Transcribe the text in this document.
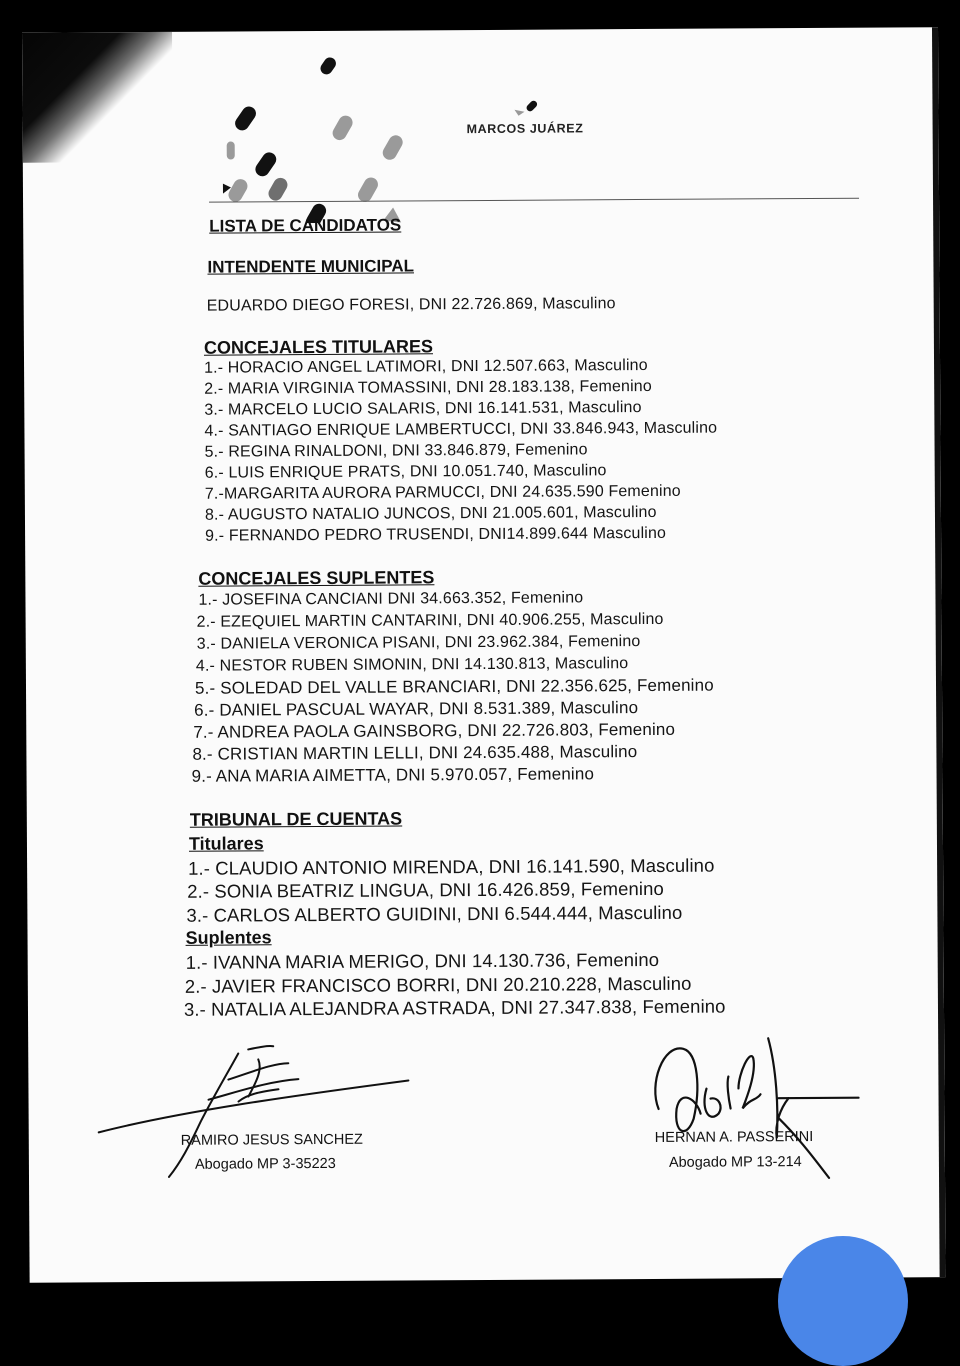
MARCOS JUÁREZ
LISTA DE CANDIDATOS
INTENDENTE MUNICIPAL
EDUARDO DIEGO FORESI, DNI 22.726.869, Masculino
CONCEJALES TITULARES
1.- HORACIO ANGEL LATIMORI, DNI 12.507.663, Masculino
2.- MARIA VIRGINIA TOMASSINI, DNI 28.183.138, Femenino
3.- MARCELO LUCIO SALARIS, DNI 16.141.531, Masculino
4.- SANTIAGO ENRIQUE LAMBERTUCCI, DNI 33.846.943, Masculino
5.- REGINA RINALDONI, DNI 33.846.879, Femenino
6.- LUIS ENRIQUE PRATS, DNI 10.051.740, Masculino
7.-MARGARITA AURORA PARMUCCI, DNI 24.635.590 Femenino
8.- AUGUSTO NATALIO JUNCOS, DNI 21.005.601, Masculino
9.- FERNANDO PEDRO TRUSENDI, DNI14.899.644 Masculino
CONCEJALES SUPLENTES
1.- JOSEFINA CANCIANI DNI 34.663.352, Femenino
2.- EZEQUIEL MARTIN CANTARINI, DNI 40.906.255, Masculino
3.- DANIELA VERONICA PISANI, DNI 23.962.384, Femenino
4.- NESTOR RUBEN SIMONIN, DNI 14.130.813, Masculino
5.- SOLEDAD DEL VALLE BRANCIARI, DNI 22.356.625, Femenino
6.- DANIEL PASCUAL WAYAR, DNI 8.531.389, Masculino
7.- ANDREA PAOLA GAINSBORG, DNI 22.726.803, Femenino
8.- CRISTIAN MARTIN LELLI, DNI 24.635.488, Masculino
9.- ANA MARIA AIMETTA, DNI 5.970.057, Femenino
TRIBUNAL DE CUENTAS
Titulares
1.- CLAUDIO ANTONIO MIRENDA, DNI 16.141.590, Masculino
2.- SONIA BEATRIZ LINGUA, DNI 16.426.859, Femenino
3.- CARLOS ALBERTO GUIDINI, DNI 6.544.444, Masculino
Suplentes
1.- IVANNA MARIA MERIGO, DNI 14.130.736, Femenino
2.- JAVIER FRANCISCO BORRI, DNI 20.210.228, Masculino
3.- NATALIA ALEJANDRA ASTRADA, DNI 27.347.838, Femenino
RAMIRO JESUS SANCHEZ
Abogado MP 3-35223
HERNAN A. PASSERINI
Abogado MP 13-214
